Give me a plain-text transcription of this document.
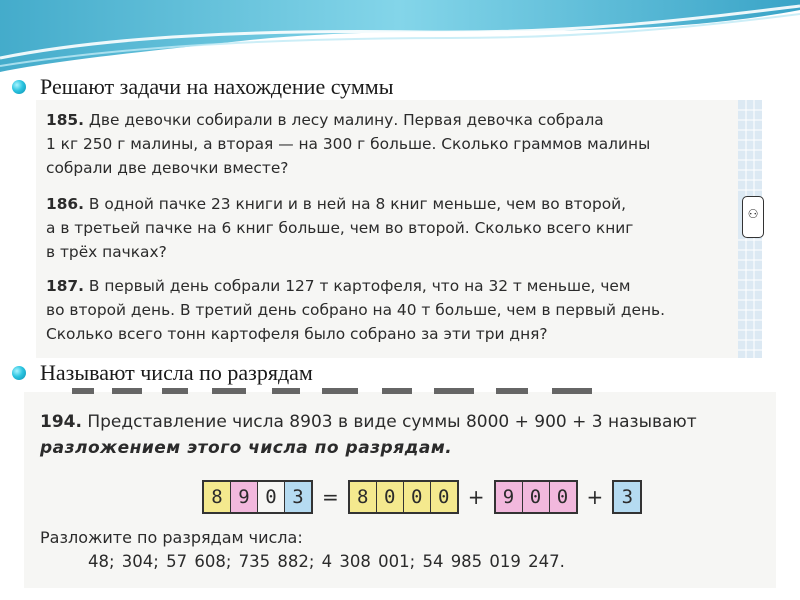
Решают задачи на нахождение суммы
⚇
185. Две девочки собирали в лесу малину. Первая девочка собрала
1 кг 250 г малины, а вторая — на 300 г больше. Сколько граммов малины
собрали две девочки вместе?
186. В одной пачке 23 книги и в ней на 8 книг меньше, чем во второй,
а в третьей пачке на 6 книг больше, чем во второй. Сколько всего книг
в трёх пачках?
187. В первый день собрали 127 т картофеля, что на 32 т меньше, чем
во второй день. В третий день собрано на 40 т больше, чем в первый день.
Сколько всего тонн картофеля было собрано за эти три дня?
Называют числа по разрядам
194. Представление числа 8903 в виде суммы 8000 + 900 + 3 называют
разложением этого числа по разрядам.
8 9 0 3 = 8 0 0 0 + 9 0 0 + 3
Разложите по разрядам числа:
48; 304; 57 608; 735 882; 4 308 001; 54 985 019 247.
